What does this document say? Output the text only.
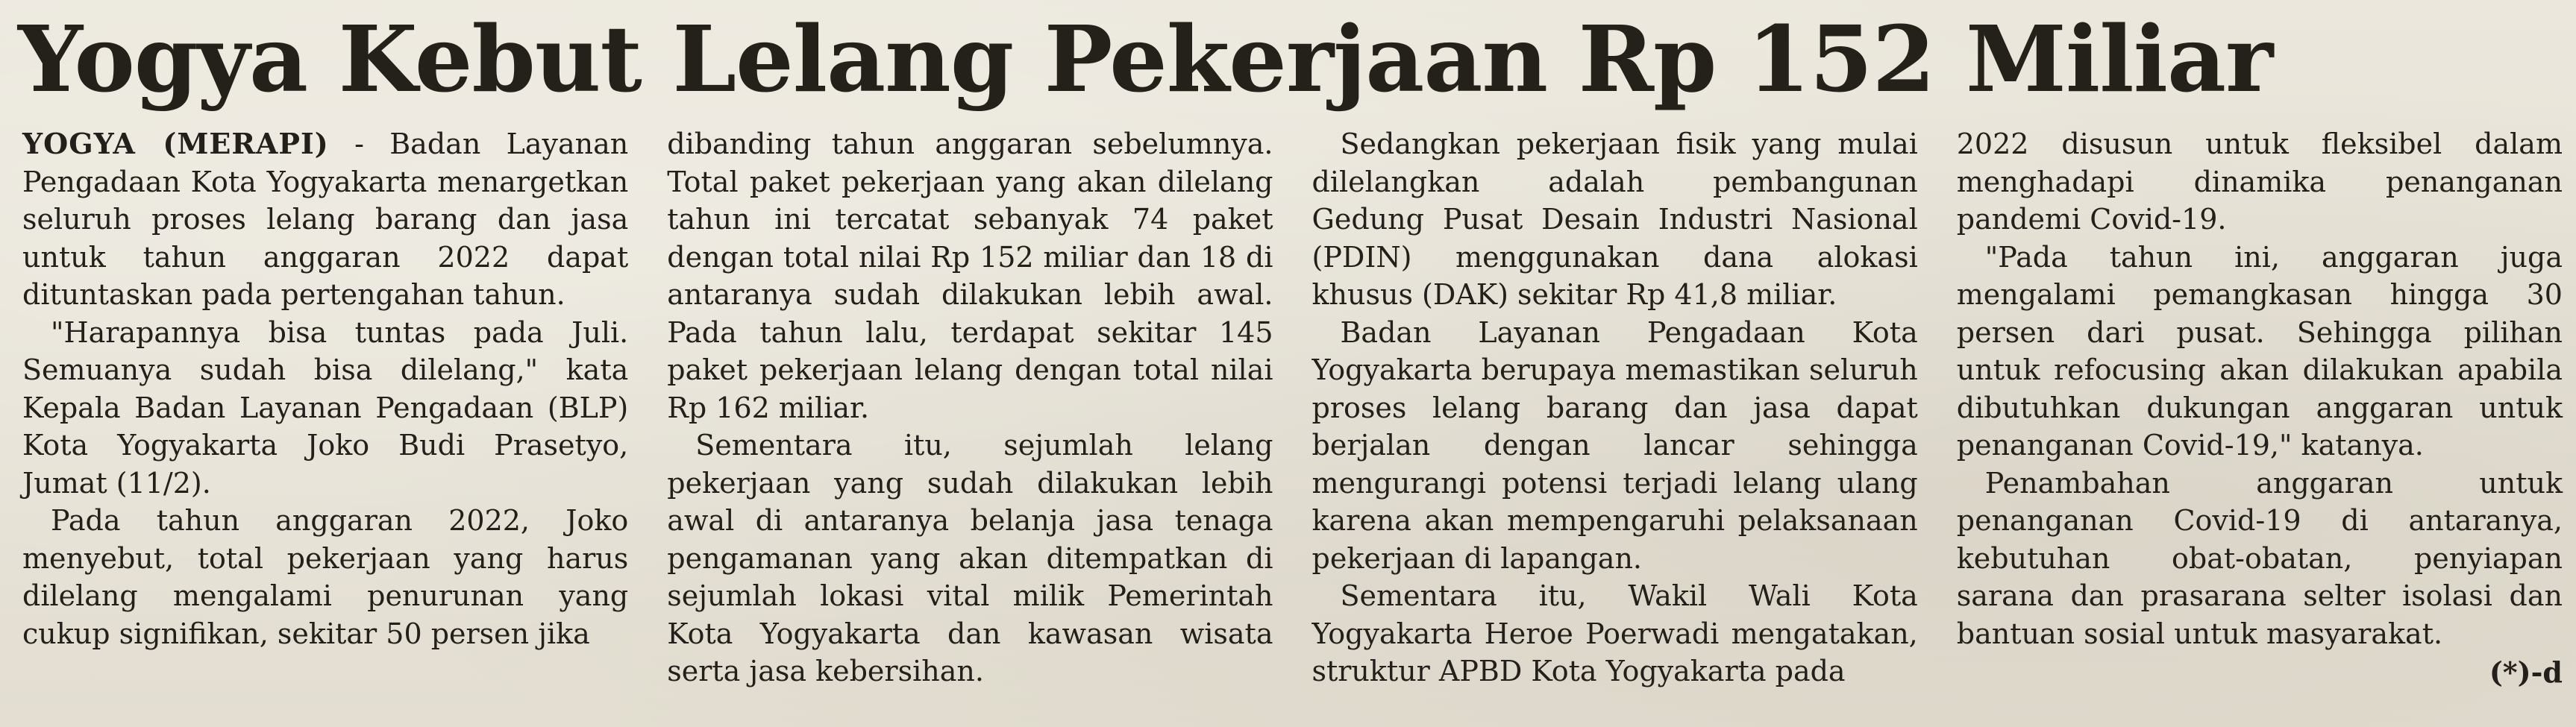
Yogya Kebut Lelang Pekerjaan Rp 152 Miliar

YOGYA (MERAPI) - Badan Layanan Pengadaan Kota Yogyakarta menargetkan seluruh proses lelang barang dan jasa untuk tahun anggaran 2022 dapat dituntaskan pada pertengahan tahun.

"Harapannya bisa tuntas pada Juli. Semuanya sudah bisa dilelang," kata Kepala Badan Layanan Pengadaan (BLP) Kota Yogyakarta Joko Budi Prasetyo, Jumat (11/2).

Pada tahun anggaran 2022, Joko menyebut, total pekerjaan yang harus dilelang mengalami penurunan yang cukup signifikan, sekitar 50 persen jika

dibanding tahun anggaran sebelumnya. Total paket pekerjaan yang akan dilelang tahun ini tercatat sebanyak 74 paket dengan total nilai Rp 152 miliar dan 18 di antaranya sudah dilakukan lebih awal. Pada tahun lalu, terdapat sekitar 145 paket pekerjaan lelang dengan total nilai Rp 162 miliar.

Sementara itu, sejumlah lelang pekerjaan yang sudah dilakukan lebih awal di antaranya belanja jasa tenaga pengamanan yang akan ditempatkan di sejumlah lokasi vital milik Pemerintah Kota Yogyakarta dan kawasan wisata serta jasa kebersihan.

Sedangkan pekerjaan fisik yang mulai dilelangkan adalah pembangunan Gedung Pusat Desain Industri Nasional (PDIN) menggunakan dana alokasi khusus (DAK) sekitar Rp 41,8 miliar.

Badan Layanan Pengadaan Kota Yogyakarta berupaya memastikan seluruh proses lelang barang dan jasa dapat berjalan dengan lancar sehingga mengurangi potensi terjadi lelang ulang karena akan mempengaruhi pelaksanaan pekerjaan di lapangan.

Sementara itu, Wakil Wali Kota Yogyakarta Heroe Poerwadi mengatakan, struktur APBD Kota Yogyakarta pada

2022 disusun untuk fleksibel dalam menghadapi dinamika penanganan pandemi Covid-19.

"Pada tahun ini, anggaran juga mengalami pemangkasan hingga 30 persen dari pusat. Sehingga pilihan untuk refocusing akan dilakukan apabila dibutuhkan dukungan anggaran untuk penanganan Covid-19," katanya.

Penambahan anggaran untuk penanganan Covid-19 di antaranya, kebutuhan obat-obatan, penyiapan sarana dan prasarana selter isolasi dan bantuan sosial untuk masyarakat.

(*)-d
